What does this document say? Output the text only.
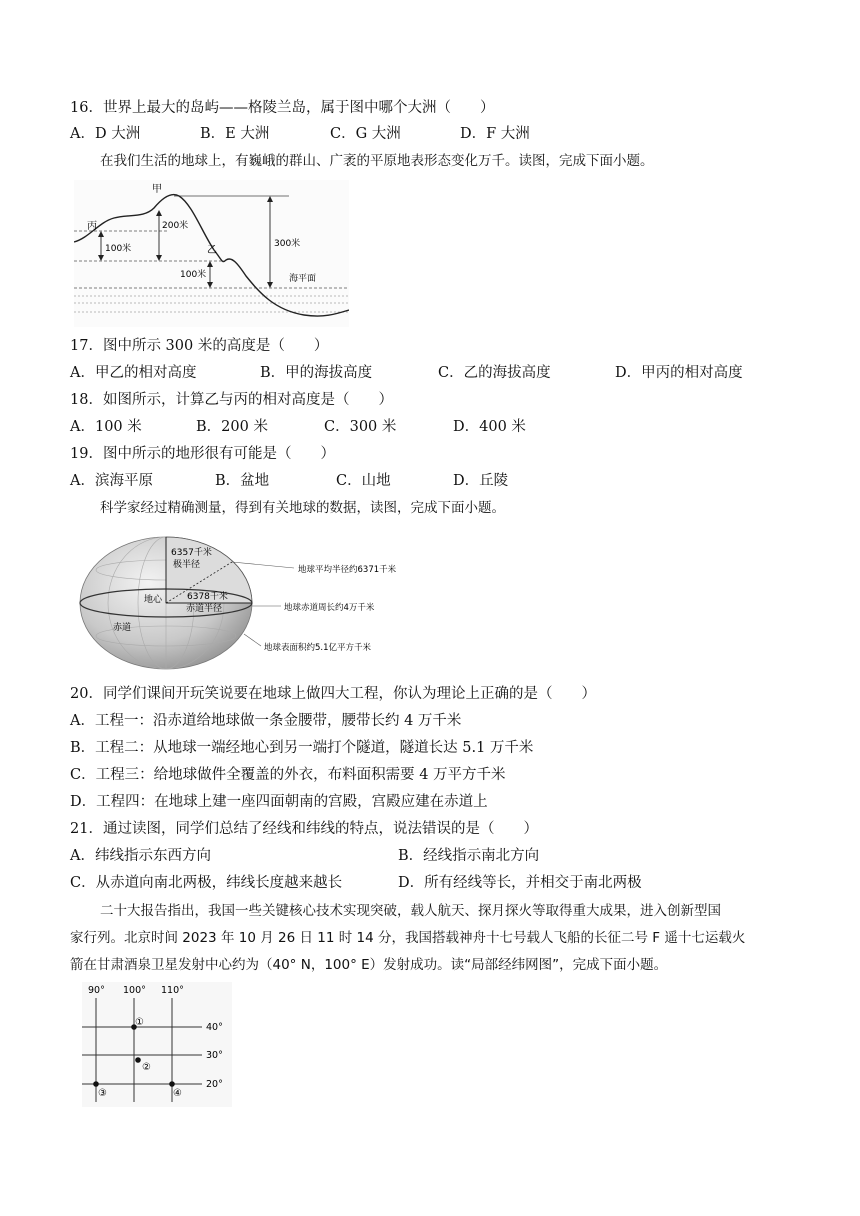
16．世界上最大的岛屿——格陵兰岛，属于图中哪个大洲（　　）
A．D 大洲	B．E 大洲	C．G 大洲	D．F 大洲
在我们生活的地球上，有巍峨的群山、广袤的平原地表形态变化万千。读图，完成下面小题。
甲
丙
乙
200米
100米
100米
300米
海平面
17．图中所示 300 米的高度是（　　）
A．甲乙的相对高度	B．甲的海拔高度	C．乙的海拔高度	D．甲丙的相对高度
18．如图所示，计算乙与丙的相对高度是（　　）
A．100 米	B．200 米	C．300 米	D．400 米
19．图中所示的地形很有可能是（　　）
A．滨海平原	B．盆地	C．山地	D．丘陵
科学家经过精确测量，得到有关地球的数据，读图，完成下面小题。
6357千米
极半径
地心	6378千米
赤道半径
赤道
地球平均半径约6371千米
地球赤道周长约4万千米
地球表面积约5.1亿平方千米
20．同学们课间开玩笑说要在地球上做四大工程，你认为理论上正确的是（　　）
A．工程一：沿赤道给地球做一条金腰带，腰带长约 4 万千米
B．工程二：从地球一端经地心到另一端打个隧道，隧道长达 5.1 万千米
C．工程三：给地球做件全覆盖的外衣，布料面积需要 4 万平方千米
D．工程四：在地球上建一座四面朝南的宫殿，宫殿应建在赤道上
21．通过读图，同学们总结了经线和纬线的特点，说法错误的是（　　）
A．纬线指示东西方向	B．经线指示南北方向
C．从赤道向南北两极，纬线长度越来越长	D．所有经线等长，并相交于南北两极
二十大报告指出，我国一些关键核心技术实现突破，载人航天、探月探火等取得重大成果，进入创新型国
家行列。北京时间 2023 年 10 月 26 日 11 时 14 分，我国搭载神舟十七号载人飞船的长征二号 F 遥十七运载火
箭在甘肃酒泉卫星发射中心约为（40° N，100° E）发射成功。读“局部经纬网图”，完成下面小题。
90° 100° 110°
40°
30°
20°
①
②
③	④
